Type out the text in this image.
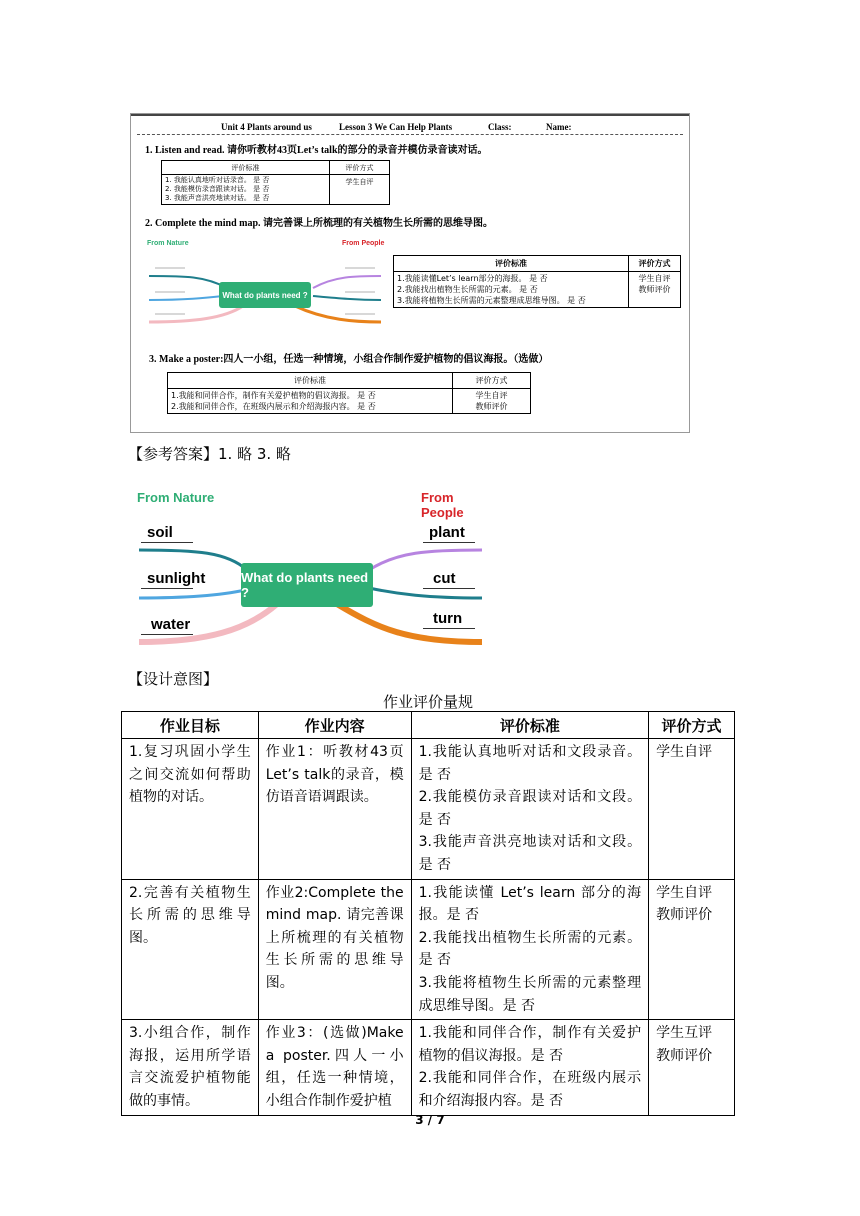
Unit 4 Plants around us	Lesson 3 We Can Help Plants	Class:	Name:
1. Listen and read. 请你听教材43页Let’s talk的部分的录音并模仿录音读对话。
评价标准	评价方式

1. 我能认真地听对话录音。 是 否
2. 我能模仿录音跟读对话。 是 否
3. 我能声音洪亮地读对话。 是 否	学生自评
2. Complete the mind map. 请完善课上所梳理的有关植物生长所需的思维导图。
From Nature	From People
What do plants need ?
评价标准	评价方式

1.我能读懂Let’s learn部分的海报。 是 否
2.我能找出植物生长所需的元素。 是 否
3.我能将植物生长所需的元素整理成思维导图。 是 否	学生自评
教师评价
3. Make a poster:四人一小组，任选一种情境，小组合作制作爱护植物的倡议海报。（选做）
评价标准	评价方式

1.我能和同伴合作，制作有关爱护植物的倡议海报。 是 否
2.我能和同伴合作，在班级内展示和介绍海报内容。 是 否	学生自评
教师评价
【参考答案】1. 略 3. 略
From Nature	From People
soil
sunlight
water
plant
cut
turn
What do plants need ?
【设计意图】
作业评价量规
作业目标	作业内容	评价标准	评价方式
1.复习巩固小学生之间交流如何帮助植物的对话。	作业1：听教材43页Let’s talk的录音，模仿语音语调跟读。	1.我能认真地听对话和文段录音。是 否
2.我能模仿录音跟读对话和文段。是 否
3.我能声音洪亮地读对话和文段。是 否	学生自评

2.完善有关植物生长所需的思维导图。	作业2:Complete the mind map. 请完善课上所梳理的有关植物生长所需的思维导图。	1.我能读懂 Let’s learn 部分的海报。是 否
2.我能找出植物生长所需的元素。是 否
3.我能将植物生长所需的元素整理成思维导图。是 否	学生自评
教师评价

3.小组合作，制作海报，运用所学语言交流爱护植物能做的事情。	作业3：(选做)Make a poster.四人一小组，任选一种情境，小组合作制作爱护植	1.我能和同伴合作，制作有关爱护植物的倡议海报。是 否
2.我能和同伴合作，在班级内展示和介绍海报内容。是 否	学生互评
教师评价
3 / 7
